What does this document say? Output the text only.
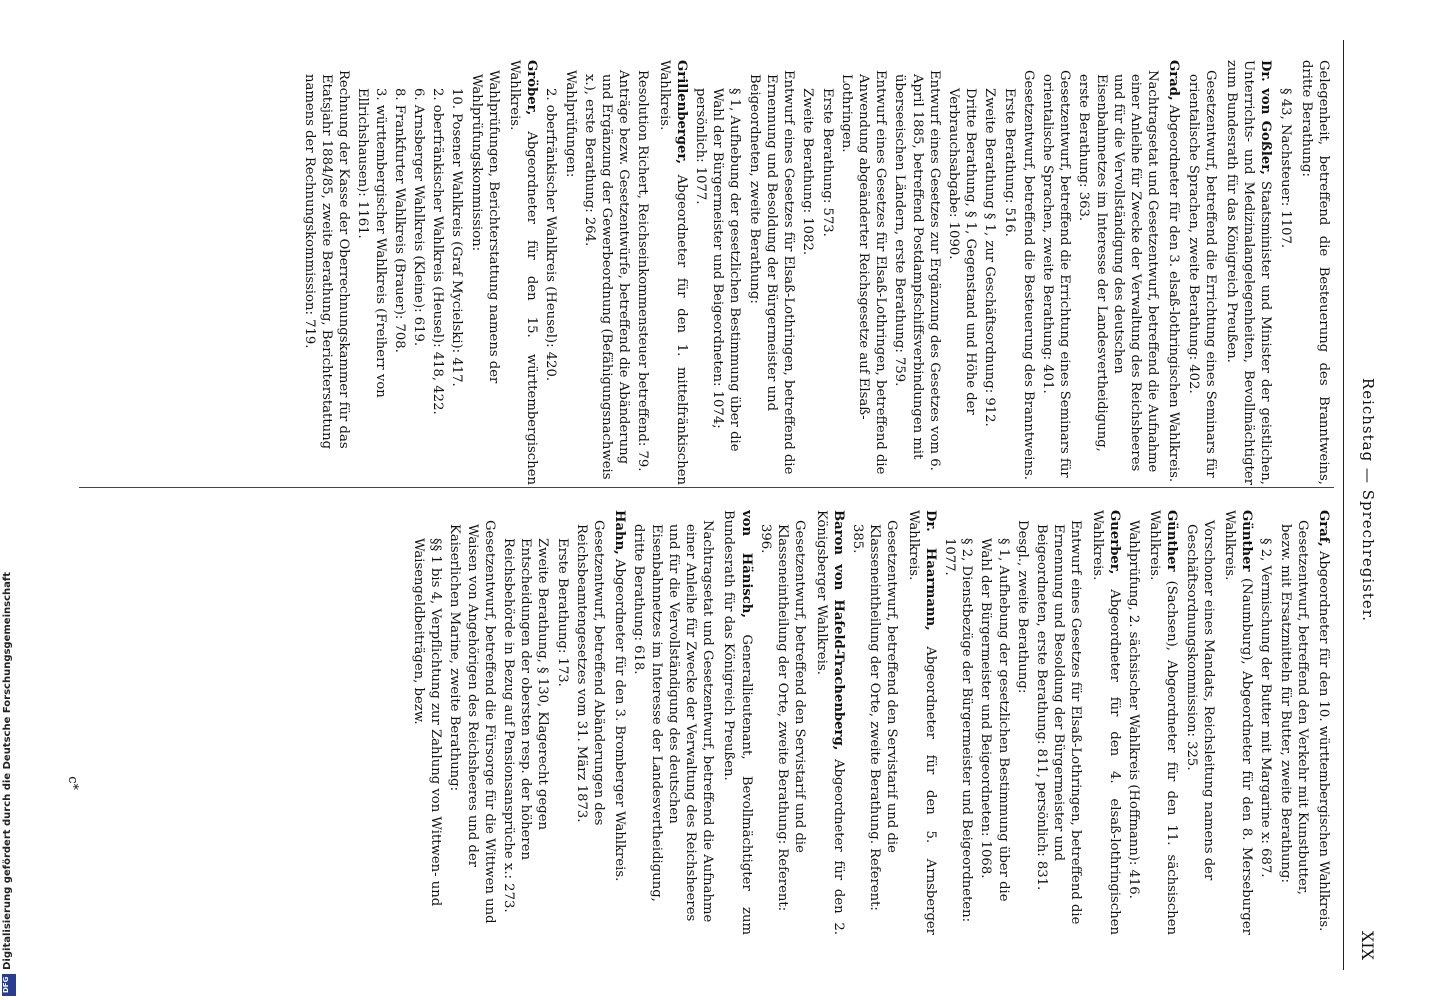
Reichstag — Sprechregister.
XIX
Gelegenheit, betreffend die Besteuerung des Branntweins, dritte Berathung:
§ 43, Nachsteuer: 1107.
Dr. von Goßler, Staatsminister und Minister der geistlichen, Unterrichts- und Medizinalangelegenheiten, Bevollmächtigter zum Bundesrath für das Königreich Preußen.
Gesetzentwurf, betreffend die Errichtung eines Seminars für orientalische Sprachen, zweite Berathung: 402.
Grad, Abgeordneter für den 3. elsaß-lothringischen Wahlkreis.
Nachtragsetat und Gesetzentwurf, betreffend die Aufnahme einer Anleihe für Zwecke der Verwaltung des Reichsheeres und für die Vervollständigung des deutschen Eisenbahnnetzes im Interesse der Landesvertheidigung, erste Berathung: 363.
Gesetzentwurf, betreffend die Errichtung eines Seminars für orientalische Sprachen, zweite Berathung: 401.
Gesetzentwurf, betreffend die Besteuerung des Branntweins.
Erste Berathung: 516.
Zweite Berathung § 1, zur Geschäftsordnung: 912.
Dritte Berathung, § 1, Gegenstand und Höhe der Verbrauchsabgabe: 1090.
Entwurf eines Gesetzes zur Ergänzung des Gesetzes vom 6. April 1885, betreffend Postdampfschiffsverbindungen mit überseeischen Ländern, erste Berathung: 759.
Entwurf eines Gesetzes für Elsaß-Lothringen, betreffend die Anwendung abgeänderter Reichsgesetze auf Elsaß-Lothringen.
Erste Berathung: 573.
Zweite Berathung: 1082.
Entwurf eines Gesetzes für Elsaß-Lothringen, betreffend die Ernennung und Besoldung der Bürgermeister und Beigeordneten, zweite Berathung:
§ 1, Aufhebung der gesetzlichen Bestimmung über die Wahl der Bürgermeister und Beigeordneten: 1074; persönlich: 1077.
Grillenberger, Abgeordneter für den 1. mittelfränkischen Wahlkreis.
Resolution Richert, Reichseinkommensteuer betreffend: 79.
Anträge bezw. Gesetzentwürfe, betreffend die Abänderung und Ergänzung der Gewerbeordnung (Befähigungsnachweis x.), erste Berathung: 264.
Wahlprüfungen:
2. oberfränkischer Wahlkreis (Heusel): 420.
Gröber, Abgeordneter für den 15. württembergischen Wahlkreis.
Wahlprüfungen, Berichterstattung namens der Wahlprüfungskommission:
10. Posener Wahlkreis (Graf Mycielski): 417.
2. oberfränkischer Wahlkreis (Heusel): 418, 422.
6. Arnsberger Wahlkreis (Kleine): 619.
8. Frankfurter Wahlkreis (Brauer): 708.
3. württembergischer Wahlkreis (Freiherr von Ellrichshausen): 1161.
Rechnung der Kasse der Oberrechnungskammer für das Etatsjahr 1884/85, zweite Berathung, Berichterstattung namens der Rechnungskommission: 719.
Graf, Abgeordneter für den 10. württembergischen Wahlkreis.
Gesetzentwurf, betreffend den Verkehr mit Kunstbutter, bezw. mit Ersatzmitteln für Butter, zweite Berathung:
§ 2, Vermischung der Butter mit Margarine x: 687.
Günther (Naumburg), Abgeordneter für den 8. Merseburger Wahlkreis.
Vorschoner eines Mandats, Reichsleitung namens der Geschäftsordnungskommission: 325.
Günther (Sachsen), Abgeordneter für den 11. sächsischen Wahlkreis.
Wahlprüfung, 2. sächsischer Wahlkreis (Hoffmann): 416.
Guerber, Abgeordneter für den 4. elsaß-lothringischen Wahlkreis.
Entwurf eines Gesetzes für Elsaß-Lothringen, betreffend die Ernennung und Besoldung der Bürgermeister und Beigeordneten, erste Berathung: 811, persönlich: 831.
Desgl., zweite Berathung:
§ 1, Aufhebung der gesetzlichen Bestimmung über die Wahl der Bürgermeister und Beigeordneten: 1068.
§ 2, Dienstbezüge der Bürgermeister und Beigeordneten: 1077.
Dr. Haarmann, Abgeordneter für den 5. Arnsberger Wahlkreis.
Gesetzentwurf, betreffend den Servistarif und die Klasseneintheilung der Orte, zweite Berathung. Referent: 385.
Baron von Hafeld-Trachenberg, Abgeordneter für den 2. Königsberger Wahlkreis.
Gesetzentwurf, betreffend den Servistarif und die Klasseneintheilung der Orte, zweite Berathung: Referent: 396.
von Hänisch, Generallieutenant, Bevollmächtigter zum Bundesrath für das Königreich Preußen.
Nachtragsetat und Gesetzentwurf, betreffend die Aufnahme einer Anleihe für Zwecke der Verwaltung des Reichsheeres und für die Vervollständigung des deutschen Eisenbahnnetzes im Interesse der Landesvertheidigung, dritte Berathung: 618.
Hahn, Abgeordneter für den 3. Bromberger Wahlkreis.
Gesetzentwurf, betreffend Abänderungen des Reichsbeamtengesetzes vom 31. März 1873.
Erste Berathung: 173.
Zweite Berathung, § 130, Klagerecht gegen Entscheidungen der obersten resp. der höheren Reichsbehörde in Bezug auf Pensionsansprüche x.: 273.
Gesetzentwurf, betreffend die Fürsorge für die Wittwen und Waisen von Angehörigen des Reichsheeres und der Kaiserlichen Marine, zweite Berathung:
§§ 1 bis 4, Verpflichtung zur Zahlung von Wittwen- und Waisengeldbeiträgen, bezw.
c*
Digitalisierung gefördert durch die Deutsche Forschungsgemeinschaft
DFG
